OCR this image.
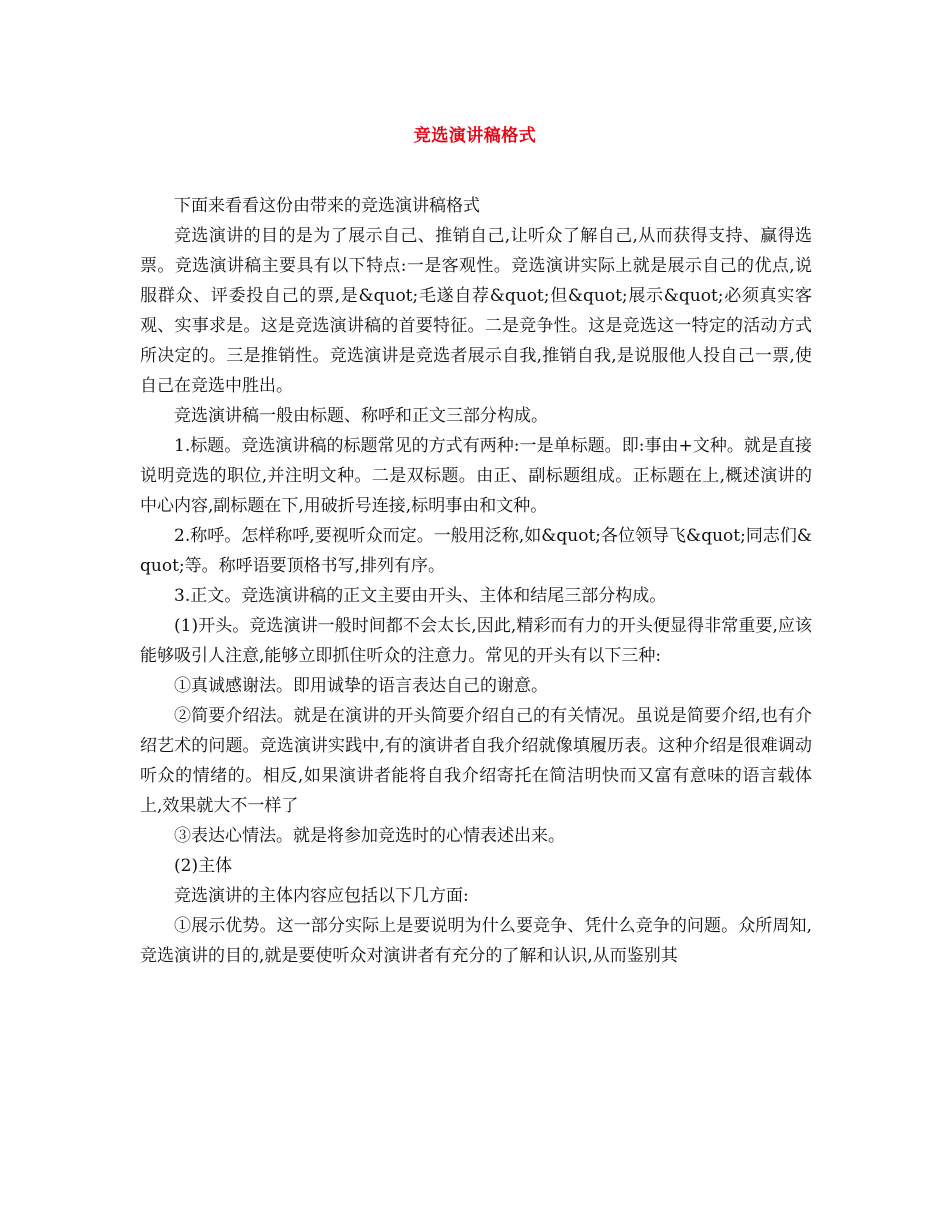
竞选演讲稿格式

下面来看看这份由带来的竞选演讲稿格式

竞选演讲的目的是为了展示自己、推销自己,让听众了解自己,从而获得支持、赢得选票。竞选演讲稿主要具有以下特点:一是客观性。竞选演讲实际上就是展示自己的优点,说服群众、评委投自己的票,是&quot;毛遂自荐&quot;但&quot;展示&quot;必须真实客观、实事求是。这是竞选演讲稿的首要特征。二是竞争性。这是竞选这一特定的活动方式所决定的。三是推销性。竞选演讲是竞选者展示自我,推销自我,是说服他人投自己一票,使自己在竞选中胜出。

竞选演讲稿一般由标题、称呼和正文三部分构成。

1.标题。竞选演讲稿的标题常见的方式有两种:一是单标题。即:事由+文种。就是直接说明竞选的职位,并注明文种。二是双标题。由正、副标题组成。正标题在上,概述演讲的中心内容,副标题在下,用破折号连接,标明事由和文种。

2.称呼。怎样称呼,要视听众而定。一般用泛称,如&quot;各位领导飞&quot;同志们&quot;等。称呼语要顶格书写,排列有序。

3.正文。竞选演讲稿的正文主要由开头、主体和结尾三部分构成。

(1)开头。竞选演讲一般时间都不会太长,因此,精彩而有力的开头便显得非常重要,应该能够吸引人注意,能够立即抓住听众的注意力。常见的开头有以下三种:

①真诚感谢法。即用诚挚的语言表达自己的谢意。

②简要介绍法。就是在演讲的开头简要介绍自己的有关情况。虽说是简要介绍,也有介绍艺术的问题。竞选演讲实践中,有的演讲者自我介绍就像填履历表。这种介绍是很难调动听众的情绪的。相反,如果演讲者能将自我介绍寄托在简洁明快而又富有意味的语言载体上,效果就大不一样了

③表达心情法。就是将参加竞选时的心情表述出来。

(2)主体

竞选演讲的主体内容应包括以下几方面:

①展示优势。这一部分实际上是要说明为什么要竞争、凭什么竞争的问题。众所周知,竞选演讲的目的,就是要使听众对演讲者有充分的了解和认识,从而鉴别其
